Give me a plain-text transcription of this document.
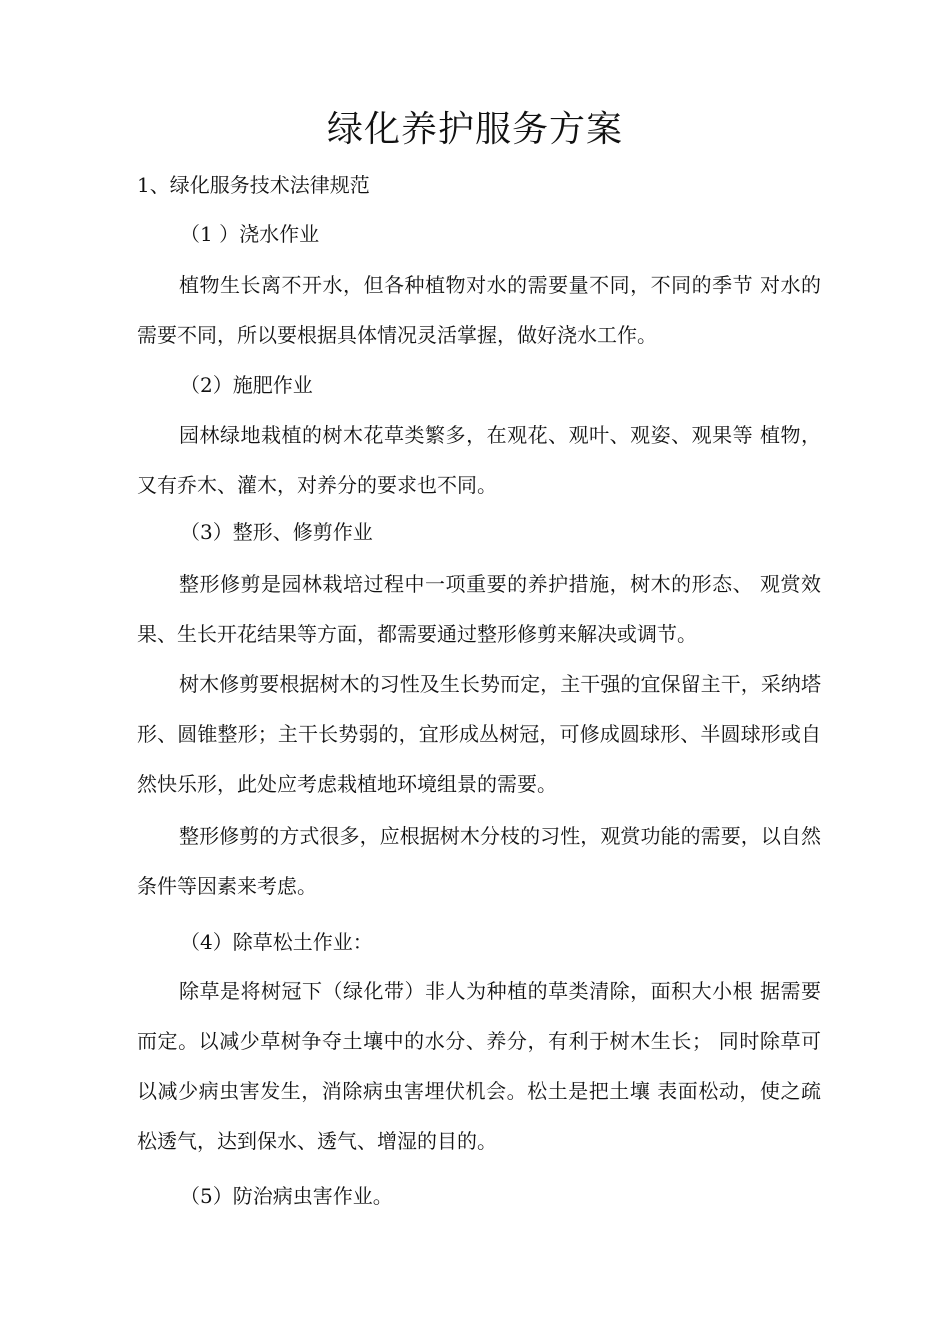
绿化养护服务方案

1、绿化服务技术法律规范

（1 ）浇水作业

植物生长离不开水，但各种植物对水的需要量不同，不同的季节 对水的需要不同，所以要根据具体情况灵活掌握，做好浇水工作。

（2）施肥作业

园林绿地栽植的树木花草类繁多，在观花、观叶、观姿、观果等 植物，又有乔木、灌木，对养分的要求也不同。

（3）整形、修剪作业

整形修剪是园林栽培过程中一项重要的养护措施，树木的形态、 观赏效果、生长开花结果等方面，都需要通过整形修剪来解决或调节。

树木修剪要根据树木的习性及生长势而定，主干强的宜保留主干，采纳塔形、圆锥整形；主干长势弱的，宜形成丛树冠，可修成圆球形、半圆球形或自然快乐形，此处应考虑栽植地环境组景的需要。

整形修剪的方式很多，应根据树木分枝的习性，观赏功能的需要，以自然条件等因素来考虑。

（4）除草松土作业：

除草是将树冠下（绿化带）非人为种植的草类清除，面积大小根 据需要而定。以减少草树争夺土壤中的水分、养分，有利于树木生长； 同时除草可以减少病虫害发生，消除病虫害埋伏机会。松土是把土壤 表面松动，使之疏松透气，达到保水、透气、增湿的目的。

（5）防治病虫害作业。
